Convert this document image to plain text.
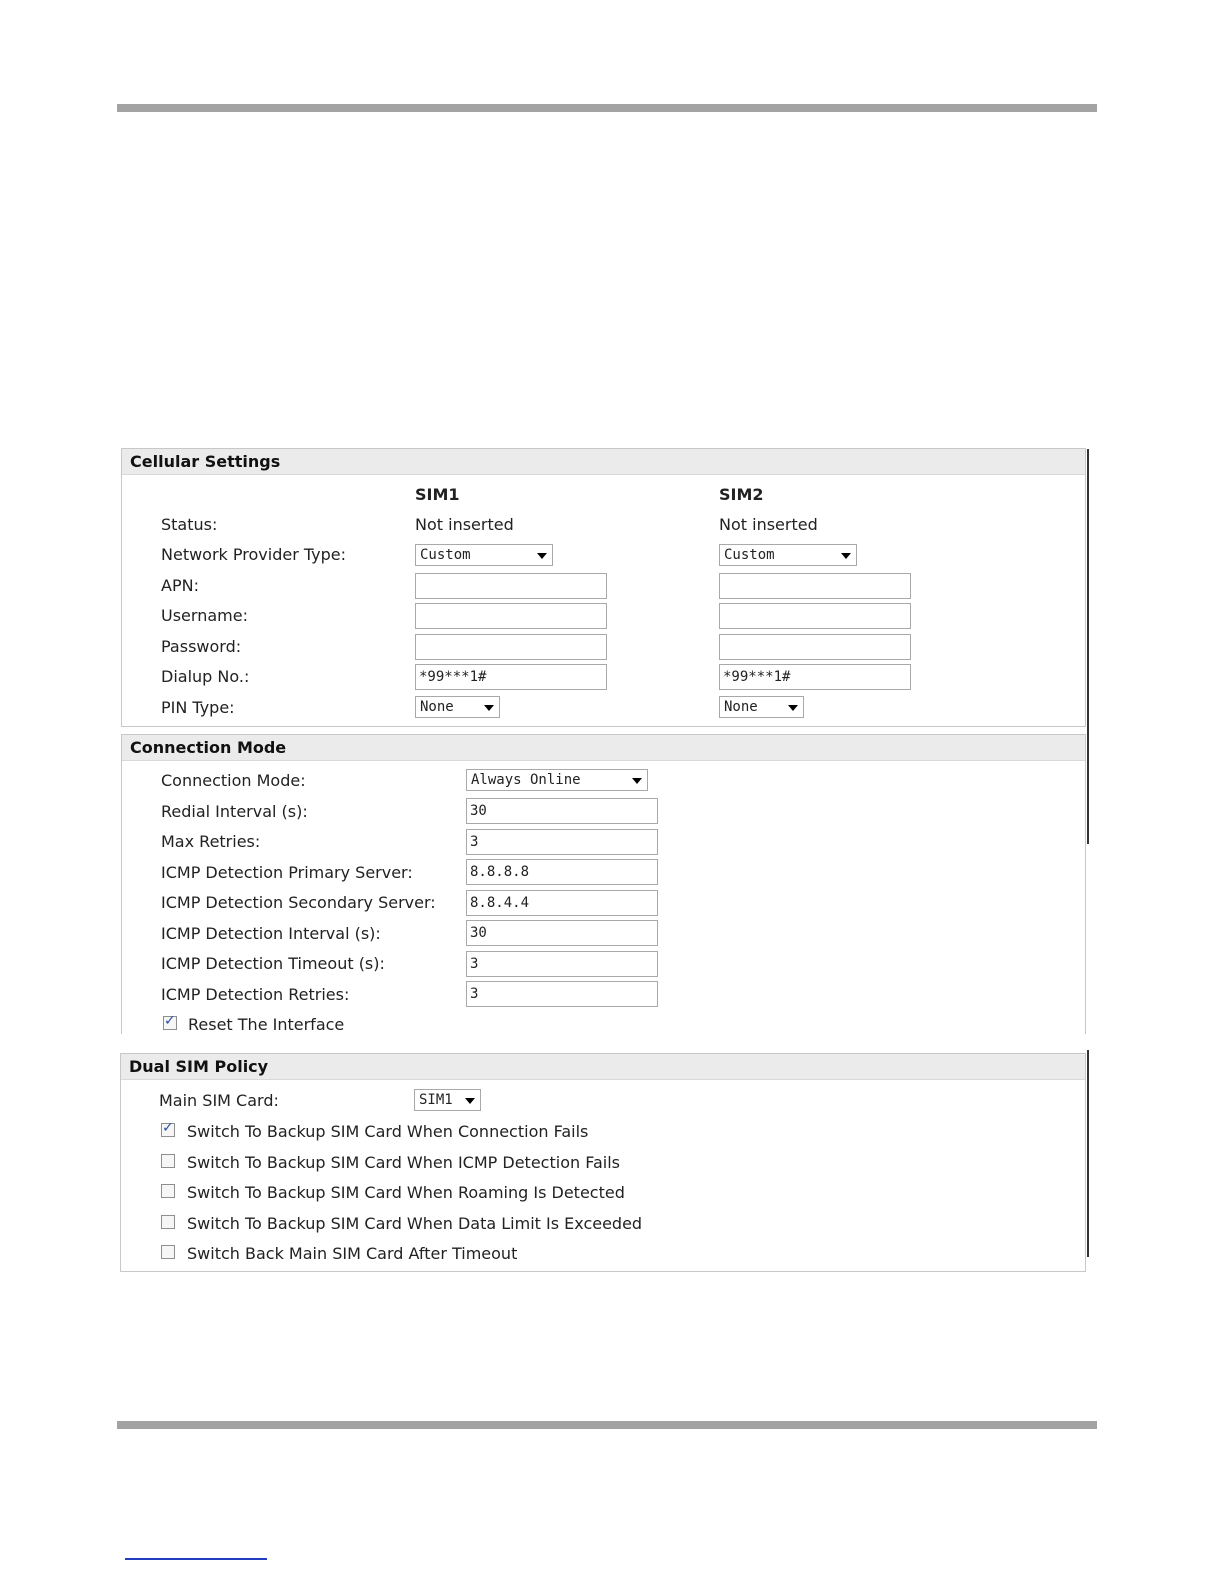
Cellular Settings
SIM1	SIM2
Status:	Not inserted	Not inserted
Network Provider Type:	Custom	Custom
APN:
Username:
Password:
Dialup No.:	*99***1#	*99***1#
PIN Type:	None	None
Connection Mode
Connection Mode:	Always Online
Redial Interval (s):	30
Max Retries:	3
ICMP Detection Primary Server:	8.8.8.8
ICMP Detection Secondary Server: 8.8.4.4
ICMP Detection Interval (s):	30
ICMP Detection Timeout (s):	3
ICMP Detection Retries:	3
✓ Reset The Interface
Dual SIM Policy
Main SIM Card:	SIM1
✓ Switch To Backup SIM Card When Connection Fails
Switch To Backup SIM Card When ICMP Detection Fails
Switch To Backup SIM Card When Roaming Is Detected
Switch To Backup SIM Card When Data Limit Is Exceeded
Switch Back Main SIM Card After Timeout
